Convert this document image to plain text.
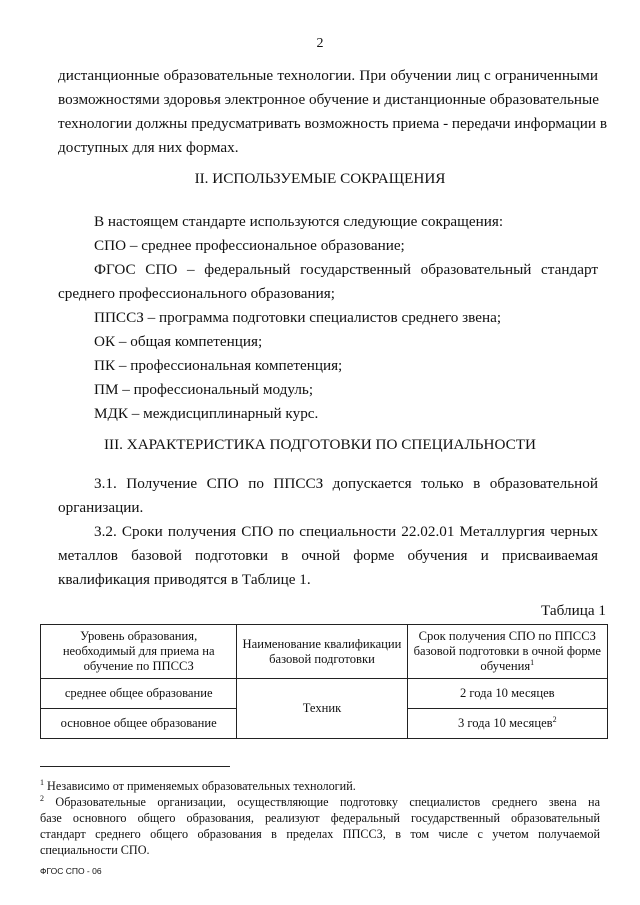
2
дистанционные образовательные технологии. При обучении лиц с ограниченными
возможностями здоровья электронное обучение и дистанционные образовательные
технологии должны предусматривать возможность приема - передачи информации в
доступных для них формах.
II. ИСПОЛЬЗУЕМЫЕ СОКРАЩЕНИЯ
В настоящем стандарте используются следующие сокращения:
СПО – среднее профессиональное образование;
ФГОС СПО – федеральный государственный образовательный стандарт
среднего профессионального образования;
ППССЗ – программа подготовки специалистов среднего звена;
ОК – общая компетенция;
ПК – профессиональная компетенция;
ПМ – профессиональный модуль;
МДК – междисциплинарный курс.
III. ХАРАКТЕРИСТИКА ПОДГОТОВКИ ПО СПЕЦИАЛЬНОСТИ
3.1. Получение СПО по ППССЗ допускается только в образовательной
организации.
3.2. Сроки получения СПО по специальности 22.02.01 Металлургия черных
металлов базовой подготовки в очной форме обучения и присваиваемая
квалификация приводятся в Таблице 1.
Таблица 1
Уровень образования, необходимый для приема на обучение по ППССЗ	Наименование квалификации базовой подготовки	Срок получения СПО по ППССЗ базовой подготовки в очной форме обучения$^1$
среднее общее образование	Техник	2 года 10 месяцев
основное общее образование		3 года 10 месяцев$^2$
$^1$ Независимо от применяемых образовательных технологий.
$^2$ Образовательные организации, осуществляющие подготовку специалистов среднего звена на
базе основного общего образования, реализуют федеральный государственный образовательный
стандарт среднего общего образования в пределах ППССЗ, в том числе с учетом получаемой
специальности СПО.
ФГОС СПО - 06
